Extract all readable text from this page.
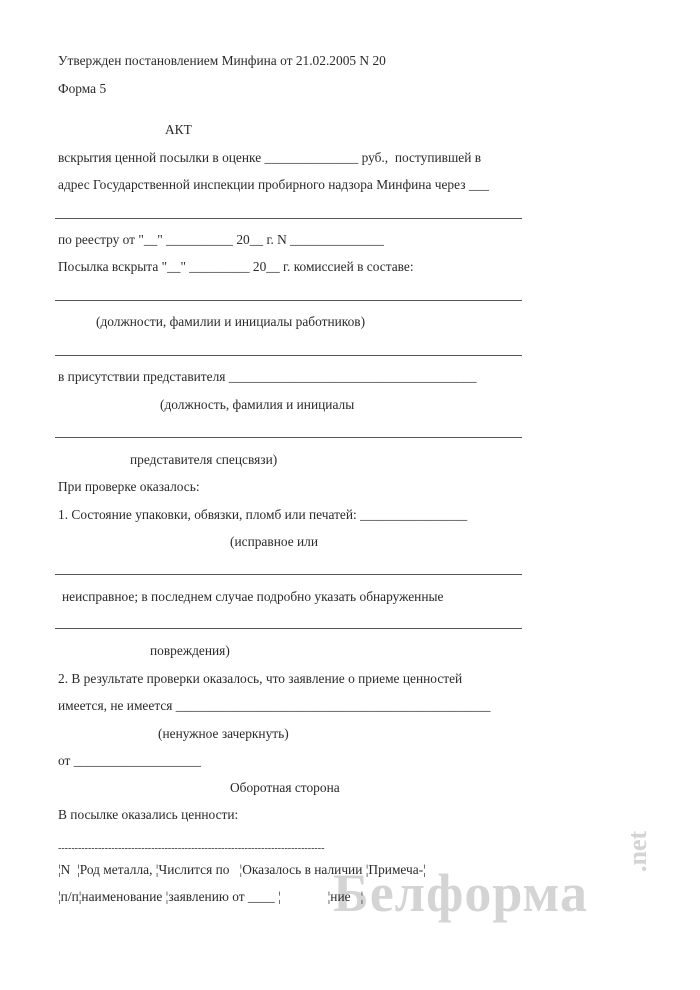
Утвержден постановлением Минфина от 21.02.2005 N 20
Форма 5
АКТ
вскрытия ценной посылки в оценке ______________ руб.,  поступившей в
адрес Государственной инспекции пробирного надзора Минфина через ___
по реестру от "__" __________ 20__ г. N ______________
Посылка вскрыта "__" _________ 20__ г. комиссией в составе:
(должности, фамилии и инициалы работников)
в присутствии представителя _____________________________________
(должность, фамилия и инициалы
представителя спецсвязи)
При проверке оказалось:
1. Состояние упаковки, обвязки, пломб или печатей: ________________
(исправное или
неисправное; в последнем случае подробно указать обнаруженные
повреждения)
2. В результате проверки оказалось, что заявление о приеме ценностей
имеется, не имеется _______________________________________________
(ненужное зачеркнуть)
от ___________________
Оборотная сторона
В посылке оказались ценности:
--------------------------------------------------------------------------------
Белформа
.net
¦N  ¦Род металла, ¦Числится по   ¦Оказалось в наличии ¦Примеча-¦
¦п/п¦наименование ¦заявлению от ____ ¦              ¦ние   ¦
